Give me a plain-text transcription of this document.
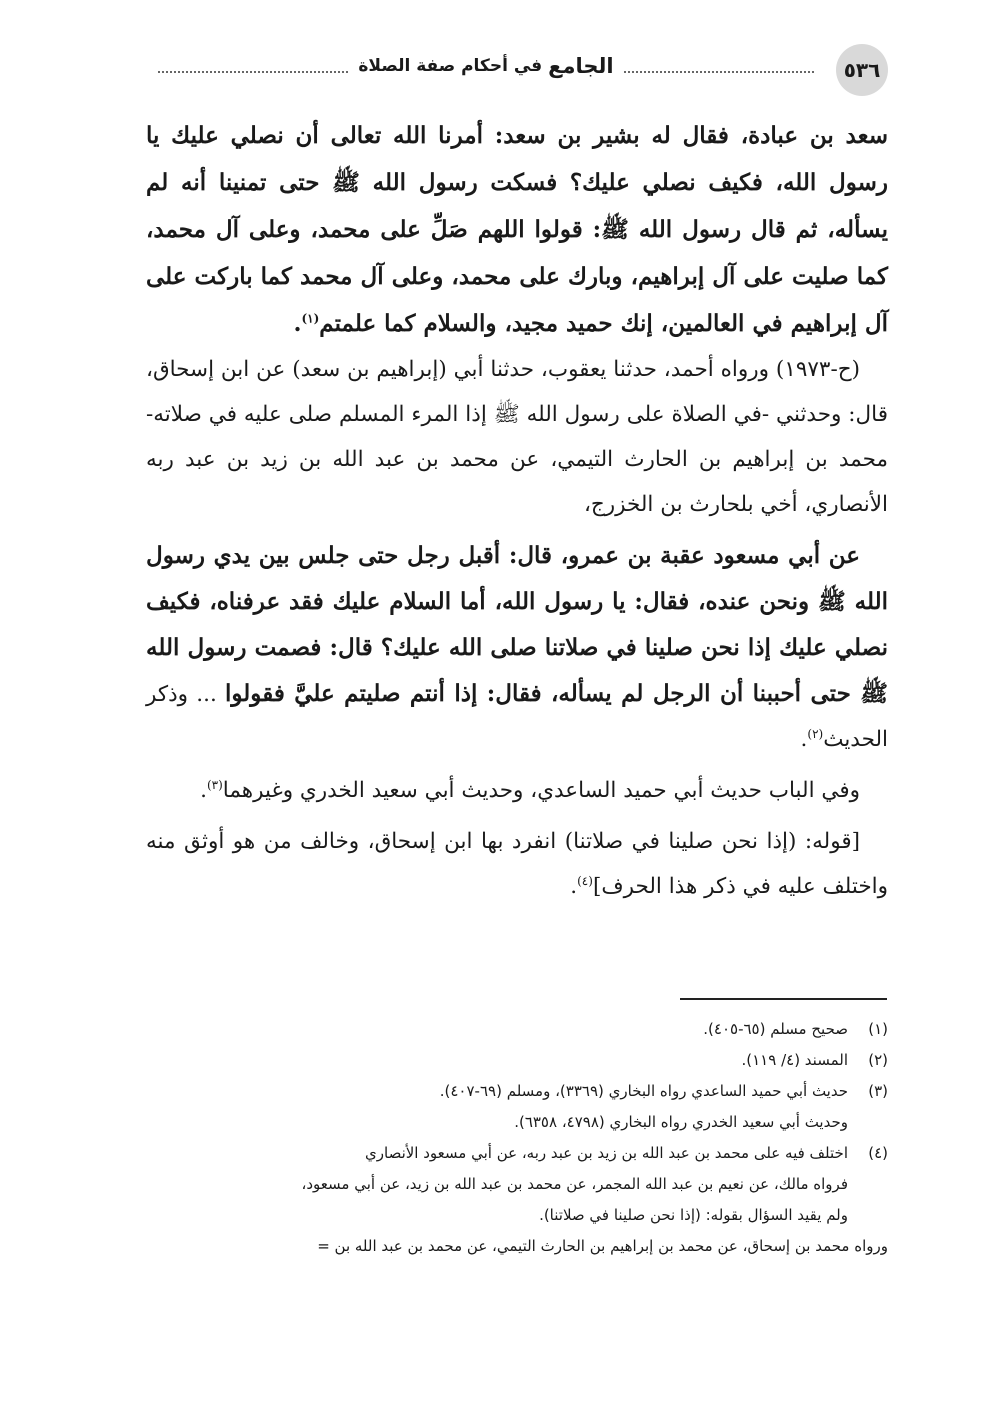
٥٣٦
الجامع
في أحكام صفة الصلاة

سعد بن عبادة، فقال له بشير بن سعد: أمرنا الله تعالى أن نصلي عليك يا رسول الله، فكيف نصلي عليك؟ فسكت رسول الله ﷺ حتى تمنينا أنه لم يسأله، ثم قال رسول الله ﷺ: قولوا اللهم صَلِّ على محمد، وعلى آل محمد، كما صليت على آل إبراهيم، وبارك على محمد، وعلى آل محمد كما باركت على آل إبراهيم في العالمين، إنك حميد مجيد، والسلام كما علمتم$^{(١)}$.

(ح-١٩٧٣) ورواه أحمد، حدثنا يعقوب، حدثنا أبي (إبراهيم بن سعد) عن ابن إسحاق، قال: وحدثني -في الصلاة على رسول الله ﷺ إذا المرء المسلم صلى عليه في صلاته- محمد بن إبراهيم بن الحارث التيمي، عن محمد بن عبد الله بن زيد بن عبد ربه الأنصاري، أخي بلحارث بن الخزرج،

عن أبي مسعود عقبة بن عمرو، قال: أقبل رجل حتى جلس بين يدي رسول الله ﷺ ونحن عنده، فقال: يا رسول الله، أما السلام عليك فقد عرفناه، فكيف نصلي عليك إذا نحن صلينا في صلاتنا صلى الله عليك؟ قال: فصمت رسول الله ﷺ حتى أحببنا أن الرجل لم يسأله، فقال: إذا أنتم صليتم عليَّ فقولوا ... وذكر الحديث$^{(٢)}$.

وفي الباب حديث أبي حميد الساعدي، وحديث أبي سعيد الخدري وغيرهما$^{(٣)}$.

[قوله: (إذا نحن صلينا في صلاتنا) انفرد بها ابن إسحاق، وخالف من هو أوثق منه واختلف عليه في ذكر هذا الحرف]$^{(٤)}$.

(١)
صحيح مسلم (٦٥-٤٠٥).
(٢)
المسند (٤/ ١١٩).
(٣)
حديث أبي حميد الساعدي رواه البخاري (٣٣٦٩)، ومسلم (٦٩-٤٠٧).
وحديث أبي سعيد الخدري رواه البخاري (٤٧٩٨، ٦٣٥٨).
(٤)
اختلف فيه على محمد بن عبد الله بن زيد بن عبد ربه، عن أبي مسعود الأنصاري
فرواه مالك، عن نعيم بن عبد الله المجمر، عن محمد بن عبد الله بن زيد، عن أبي مسعود،
ولم يقيد السؤال بقوله: (إذا نحن صلينا في صلاتنا).
ورواه محمد بن إسحاق، عن محمد بن إبراهيم بن الحارث التيمي، عن محمد بن عبد الله بن =
